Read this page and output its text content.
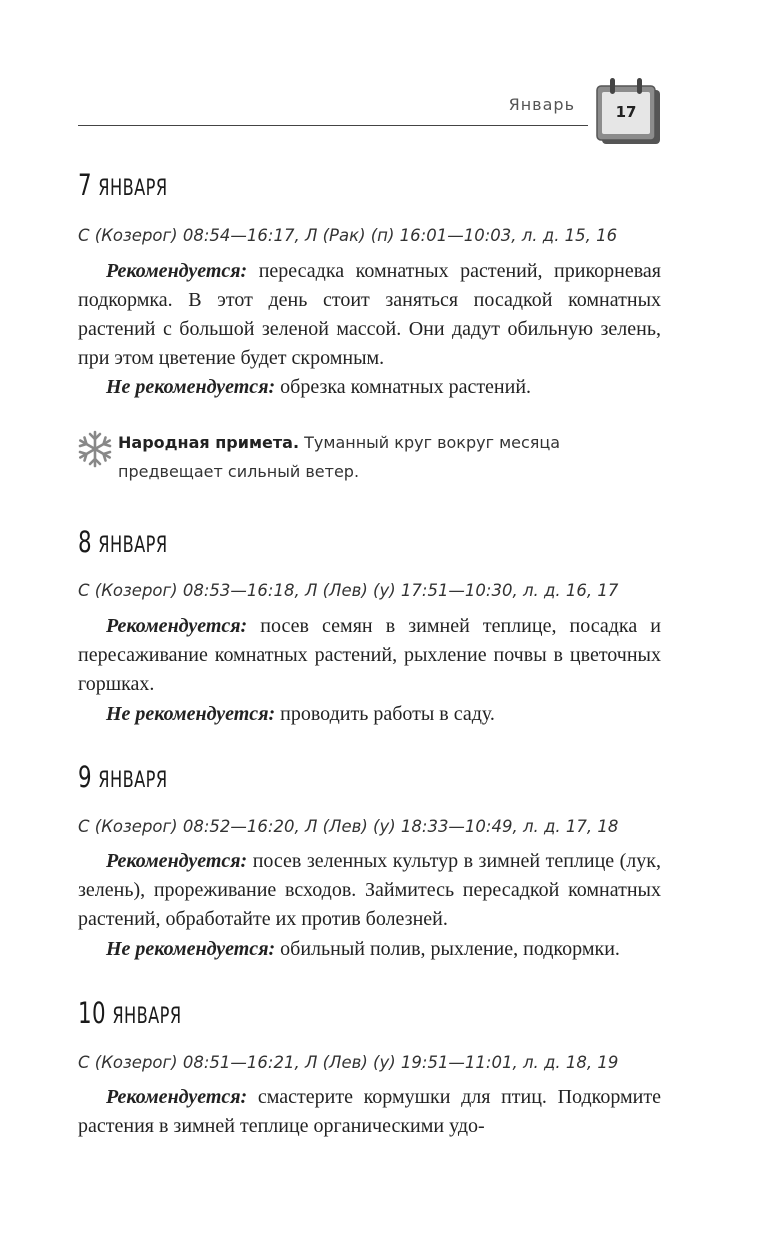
Январь	17
7 ЯНВАРЯ

С (Козерог) 08:54—16:17, Л (Рак) (п) 16:01—10:03, л. д. 15, 16

Рекомендуется: пересадка комнатных растений, прикорневая подкормка. В этот день стоит заняться посадкой комнатных растений с большой зеленой массой. Они дадут обильную зелень, при этом цветение будет скромным.

Не рекомендуется: обрезка комнатных растений.

Народная примета. Туманный круг вокруг месяца предвещает сильный ветер.

8 ЯНВАРЯ

С (Козерог) 08:53—16:18, Л (Лев) (у) 17:51—10:30, л. д. 16, 17

Рекомендуется: посев семян в зимней теплице, посадка и пересаживание комнатных растений, рыхление почвы в цветочных горшках.

Не рекомендуется: проводить работы в саду.

9 ЯНВАРЯ

С (Козерог) 08:52—16:20, Л (Лев) (у) 18:33—10:49, л. д. 17, 18

Рекомендуется: посев зеленных культур в зимней теплице (лук, зелень), прореживание всходов. Займитесь пересадкой комнатных растений, обработайте их против болезней.

Не рекомендуется: обильный полив, рыхление, подкормки.

10 ЯНВАРЯ

С (Козерог) 08:51—16:21, Л (Лев) (у) 19:51—11:01, л. д. 18, 19

Рекомендуется: смастерите кормушки для птиц. Подкормите растения в зимней теплице органическими удо-
